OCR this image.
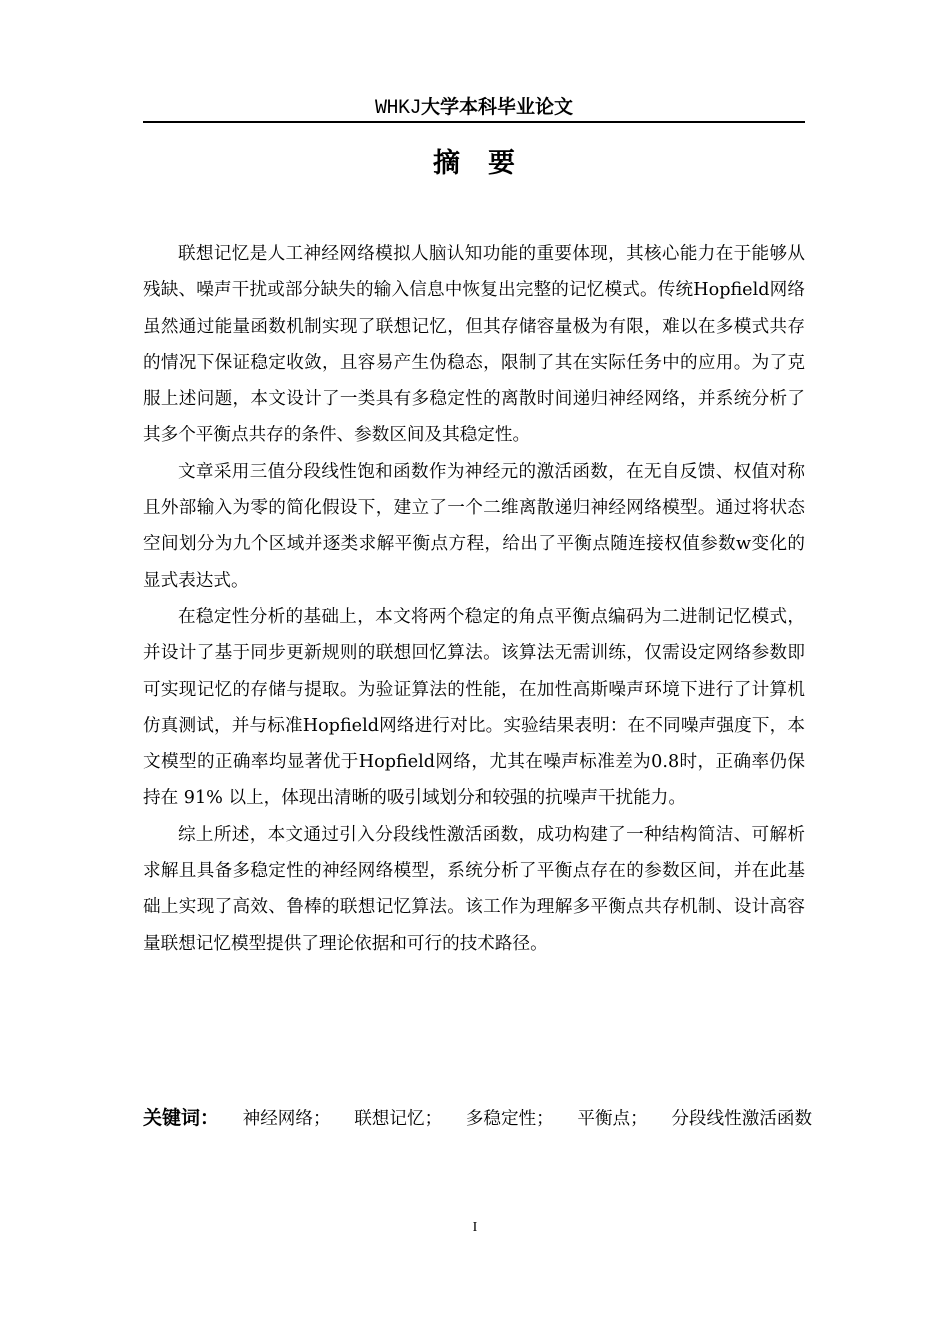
WHKJ大学本科毕业论文
摘要

联想记忆是人工神经网络模拟人脑认知功能的重要体现，其核心能力在于能够从残缺、噪声干扰或部分缺失的输入信息中恢复出完整的记忆模式。传统Hopfield网络虽然通过能量函数机制实现了联想记忆，但其存储容量极为有限，难以在多模式共存的情况下保证稳定收敛，且容易产生伪稳态，限制了其在实际任务中的应用。为了克服上述问题，本文设计了一类具有多稳定性的离散时间递归神经网络，并系统分析了其多个平衡点共存的条件、参数区间及其稳定性。

文章采用三值分段线性饱和函数作为神经元的激活函数，在无自反馈、权值对称且外部输入为零的简化假设下，建立了一个二维离散递归神经网络模型。通过将状态空间划分为九个区域并逐类求解平衡点方程，给出了平衡点随连接权值参数w变化的显式表达式。

在稳定性分析的基础上，本文将两个稳定的角点平衡点编码为二进制记忆模式，并设计了基于同步更新规则的联想回忆算法。该算法无需训练，仅需设定网络参数即可实现记忆的存储与提取。为验证算法的性能，在加性高斯噪声环境下进行了计算机仿真测试，并与标准Hopfield网络进行对比。实验结果表明：在不同噪声强度下，本文模型的正确率均显著优于Hopfield网络，尤其在噪声标准差为0.8时，正确率仍保持在 91% 以上，体现出清晰的吸引域划分和较强的抗噪声干扰能力。

综上所述，本文通过引入分段线性激活函数，成功构建了一种结构简洁、可解析求解且具备多稳定性的神经网络模型，系统分析了平衡点存在的参数区间，并在此基础上实现了高效、鲁棒的联想记忆算法。该工作为理解多平衡点共存机制、设计高容量联想记忆模型提供了理论依据和可行的技术路径。

关键词： 神经网络； 联想记忆； 多稳定性； 平衡点； 分段线性激活函数
I
